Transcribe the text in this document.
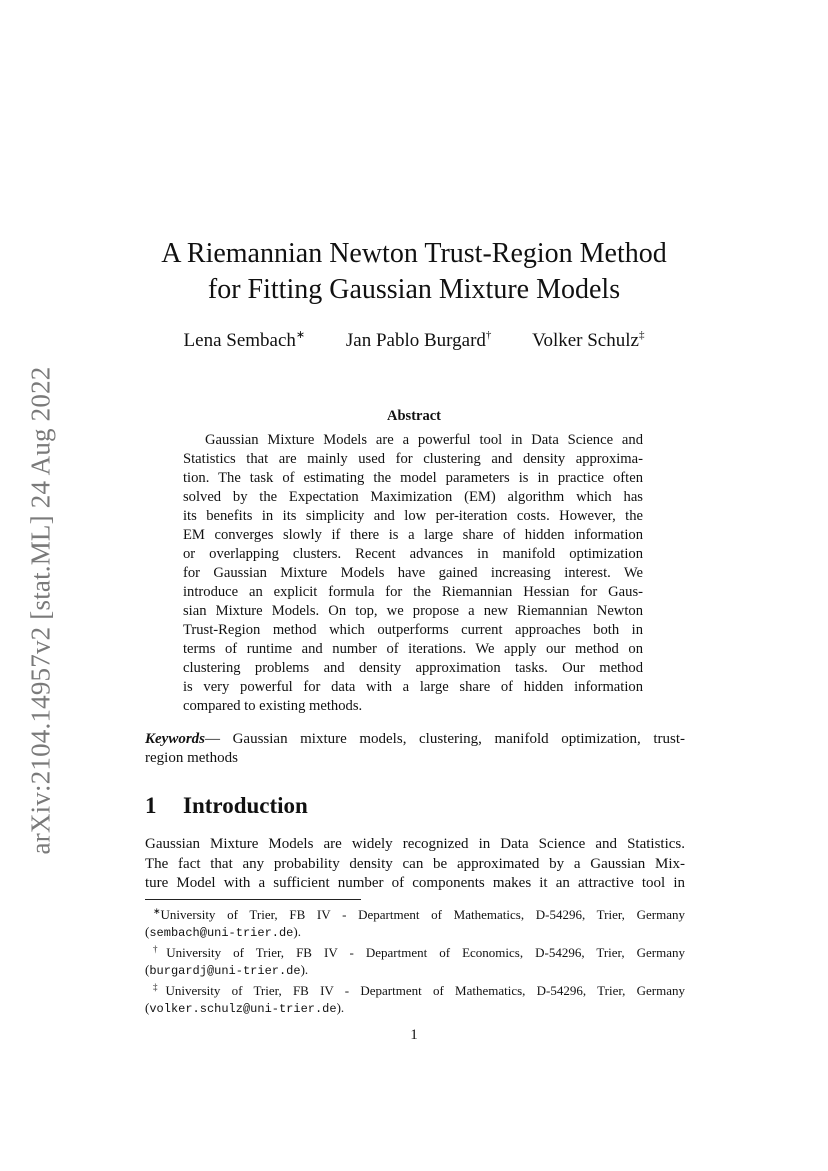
arXiv:2104.14957v2 [stat.ML] 24 Aug 2022
A Riemannian Newton Trust-Region Method
for Fitting Gaussian Mixture Models
Lena Sembach∗ Jan Pablo Burgard† Volker Schulz‡
Abstract

Gaussian Mixture Models are a powerful tool in Data Science and
Statistics that are mainly used for clustering and density approxima-
tion. The task of estimating the model parameters is in practice often
solved by the Expectation Maximization (EM) algorithm which has
its benefits in its simplicity and low per-iteration costs. However, the
EM converges slowly if there is a large share of hidden information
or overlapping clusters. Recent advances in manifold optimization
for Gaussian Mixture Models have gained increasing interest. We
introduce an explicit formula for the Riemannian Hessian for Gaus-
sian Mixture Models. On top, we propose a new Riemannian Newton
Trust-Region method which outperforms current approaches both in
terms of runtime and number of iterations. We apply our method on
clustering problems and density approximation tasks. Our method
is very powerful for data with a large share of hidden information
compared to existing methods.

Keywords— Gaussian mixture models, clustering, manifold optimization, trust-
region methods

1 Introduction

Gaussian Mixture Models are widely recognized in Data Science and Statistics.
The fact that any probability density can be approximated by a Gaussian Mix-
ture Model with a sufficient number of components makes it an attractive tool in

∗University of Trier, FB IV - Department of Mathematics, D-54296, Trier, Germany
(sembach@uni-trier.de).

†University of Trier, FB IV - Department of Economics, D-54296, Trier, Germany
(burgardj@uni-trier.de).

‡University of Trier, FB IV - Department of Mathematics, D-54296, Trier, Germany
(volker.schulz@uni-trier.de).

1
